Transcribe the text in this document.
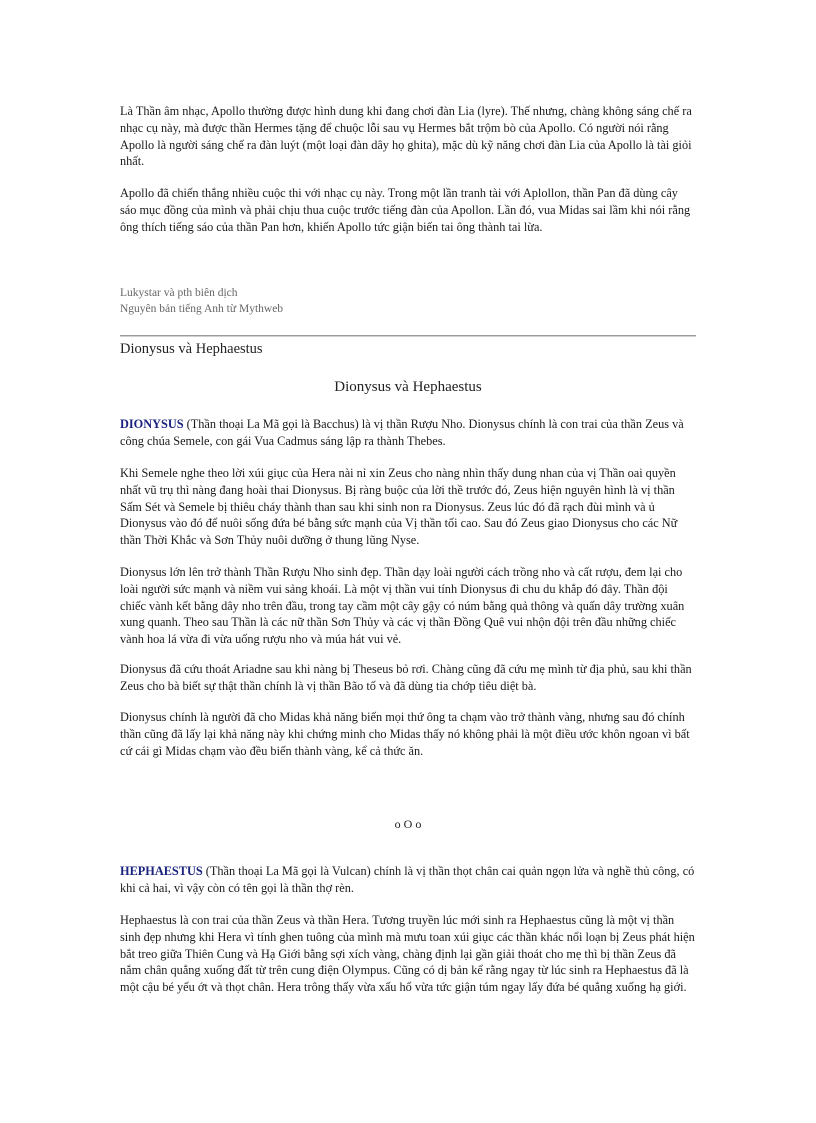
Là Thần âm nhạc, Apollo thường được hình dung khi đang chơi đàn Lia (lyre). Thế nhưng, chàng không sáng chế ra nhạc cụ này, mà được thần Hermes tặng để chuộc lỗi sau vụ Hermes bắt trộm bò của Apollo. Có người nói rằng Apollo là người sáng chế ra đàn luýt (một loại đàn dây họ ghita), mặc dù kỹ năng chơi đàn Lia của Apollo là tài giỏi nhất.

Apollo đã chiến thắng nhiều cuộc thi với nhạc cụ này. Trong một lần tranh tài với Aplollon, thần Pan đã dùng cây sáo mục đồng của mình và phải chịu thua cuộc trước tiếng đàn của Apollon. Lần đó, vua Midas sai lầm khi nói rằng ông thích tiếng sáo của thần Pan hơn, khiến Apollo tức giận biến tai ông thành tai lừa.

Lukystar và pth biên dịch

Nguyên bản tiếng Anh từ Mythweb

Dionysus và Hephaestus

Dionysus và Hephaestus

DIONYSUS (Thần thoại La Mã gọi là Bacchus) là vị thần Rượu Nho. Dionysus chính là con trai của thần Zeus và công chúa Semele, con gái Vua Cadmus sáng lập ra thành Thebes.

Khi Semele nghe theo lời xúi giục của Hera nài nỉ xin Zeus cho nàng nhìn thấy dung nhan của vị Thần oai quyền nhất vũ trụ thì nàng đang hoài thai Dionysus. Bị ràng buộc của lời thề trước đó, Zeus hiện nguyên hình là vị thần Sấm Sét và Semele bị thiêu cháy thành than sau khi sinh non ra Dionysus. Zeus lúc đó đã rạch đùi mình và ủ Dionysus vào đó để nuôi sống đứa bé bằng sức mạnh của Vị thần tối cao. Sau đó Zeus giao Dionysus cho các Nữ thần Thời Khắc và Sơn Thủy nuôi dưỡng ở thung lũng Nyse.

Dionysus lớn lên trở thành Thần Rượu Nho sinh đẹp. Thần dạy loài người cách trồng nho và cất rượu, đem lại cho loài người sức mạnh và niềm vui sảng khoái. Là một vị thần vui tính Dionysus đi chu du khắp đó đây. Thần đội chiếc vành kết bằng dây nho trên đầu, trong tay cầm một cây gậy có núm bằng quả thông và quấn dây trường xuân xung quanh. Theo sau Thần là các nữ thần Sơn Thủy và các vị thần Đồng Quê vui nhộn đội trên đầu những chiếc vành hoa lá vừa đi vừa uống rượu nho và múa hát vui vẻ.

Dionysus đã cứu thoát Ariadne sau khi nàng bị Theseus bỏ rơi. Chàng cũng đã cứu mẹ mình từ địa phủ, sau khi thần Zeus cho bà biết sự thật thần chính là vị thần Bão tố và đã dùng tia chớp tiêu diệt bà.

Dionysus chính là người đã cho Midas khả năng biến mọi thứ ông ta chạm vào trở thành vàng, nhưng sau đó chính thần cũng đã lấy lại khả năng này khi chứng minh cho Midas thấy nó không phải là một điều ước khôn ngoan vì bất cứ cái gì Midas chạm vào đều biến thành vàng, kể cả thức ăn.

o O o

HEPHAESTUS (Thần thoại La Mã gọi là Vulcan) chính là vị thần thọt chân cai quản ngọn lửa và nghề thủ công, có khi cả hai, vì vậy còn có tên gọi là thần thợ rèn.

Hephaestus là con trai của thần Zeus và thần Hera. Tương truyền lúc mới sinh ra Hephaestus cũng là một vị thần sinh đẹp nhưng khi Hera vì tính ghen tuông của mình mà mưu toan xúi giục các thần khác nổi loạn bị Zeus phát hiện bắt treo giữa Thiên Cung và Hạ Giới bằng sợi xích vàng, chàng định lại gần giải thoát cho mẹ thì bị thần Zeus đã nắm chân quẳng xuống đất từ trên cung điện Olympus. Cũng có dị bản kể rằng ngay từ lúc sinh ra Hephaestus đã là một cậu bé yếu ớt và thọt chân. Hera trông thấy vừa xấu hổ vừa tức giận túm ngay lấy đứa bé quẳng xuống hạ giới.
